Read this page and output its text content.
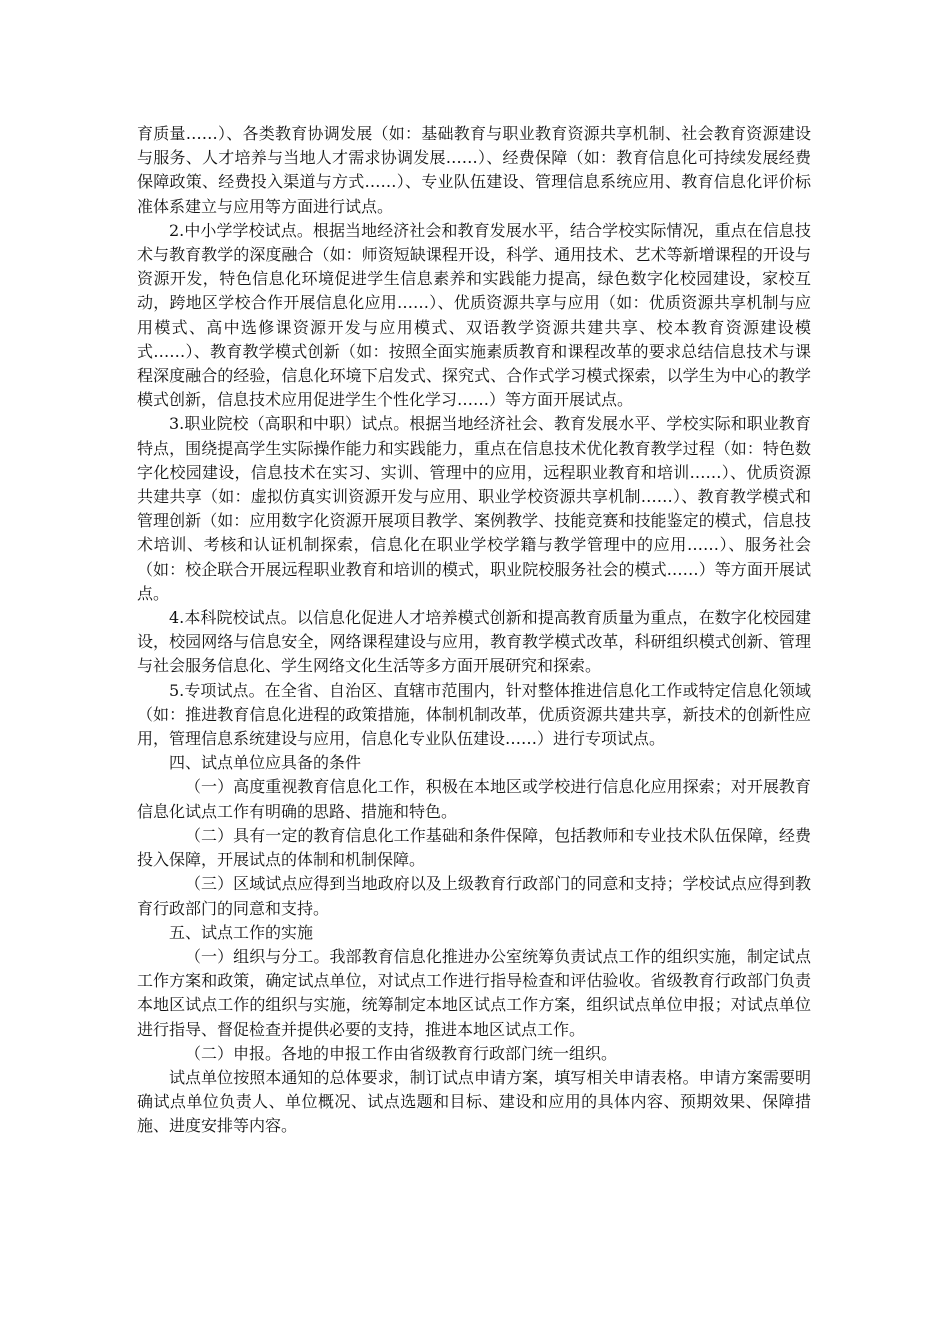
育质量……）、各类教育协调发展（如：基础教育与职业教育资源共享机制、社会教育资源建设与服务、人才培养与当地人才需求协调发展……）、经费保障（如：教育信息化可持续发展经费保障政策、经费投入渠道与方式……）、专业队伍建设、管理信息系统应用、教育信息化评价标准体系建立与应用等方面进行试点。

2.中小学学校试点。根据当地经济社会和教育发展水平，结合学校实际情况，重点在信息技术与教育教学的深度融合（如：师资短缺课程开设，科学、通用技术、艺术等新增课程的开设与资源开发，特色信息化环境促进学生信息素养和实践能力提高，绿色数字化校园建设，家校互动，跨地区学校合作开展信息化应用……）、优质资源共享与应用（如：优质资源共享机制与应用模式、高中选修课资源开发与应用模式、双语教学资源共建共享、校本教育资源建设模式……）、教育教学模式创新（如：按照全面实施素质教育和课程改革的要求总结信息技术与课程深度融合的经验，信息化环境下启发式、探究式、合作式学习模式探索，以学生为中心的教学模式创新，信息技术应用促进学生个性化学习……）等方面开展试点。

3.职业院校（高职和中职）试点。根据当地经济社会、教育发展水平、学校实际和职业教育特点，围绕提高学生实际操作能力和实践能力，重点在信息技术优化教育教学过程（如：特色数字化校园建设，信息技术在实习、实训、管理中的应用，远程职业教育和培训……）、优质资源共建共享（如：虚拟仿真实训资源开发与应用、职业学校资源共享机制……）、教育教学模式和管理创新（如：应用数字化资源开展项目教学、案例教学、技能竞赛和技能鉴定的模式，信息技术培训、考核和认证机制探索，信息化在职业学校学籍与教学管理中的应用……）、服务社会（如：校企联合开展远程职业教育和培训的模式，职业院校服务社会的模式……）等方面开展试点。

4.本科院校试点。以信息化促进人才培养模式创新和提高教育质量为重点，在数字化校园建设，校园网络与信息安全，网络课程建设与应用，教育教学模式改革，科研组织模式创新、管理与社会服务信息化、学生网络文化生活等多方面开展研究和探索。

5.专项试点。在全省、自治区、直辖市范围内，针对整体推进信息化工作或特定信息化领域（如：推进教育信息化进程的政策措施，体制机制改革，优质资源共建共享，新技术的创新性应用，管理信息系统建设与应用，信息化专业队伍建设……）进行专项试点。

四、试点单位应具备的条件

（一）高度重视教育信息化工作，积极在本地区或学校进行信息化应用探索；对开展教育信息化试点工作有明确的思路、措施和特色。

（二）具有一定的教育信息化工作基础和条件保障，包括教师和专业技术队伍保障，经费投入保障，开展试点的体制和机制保障。

（三）区域试点应得到当地政府以及上级教育行政部门的同意和支持；学校试点应得到教育行政部门的同意和支持。

五、试点工作的实施

（一）组织与分工。我部教育信息化推进办公室统筹负责试点工作的组织实施，制定试点工作方案和政策，确定试点单位，对试点工作进行指导检查和评估验收。省级教育行政部门负责本地区试点工作的组织与实施，统筹制定本地区试点工作方案，组织试点单位申报；对试点单位进行指导、督促检查并提供必要的支持，推进本地区试点工作。

（二）申报。各地的申报工作由省级教育行政部门统一组织。

试点单位按照本通知的总体要求，制订试点申请方案，填写相关申请表格。申请方案需要明确试点单位负责人、单位概况、试点选题和目标、建设和应用的具体内容、预期效果、保障措施、进度安排等内容。
